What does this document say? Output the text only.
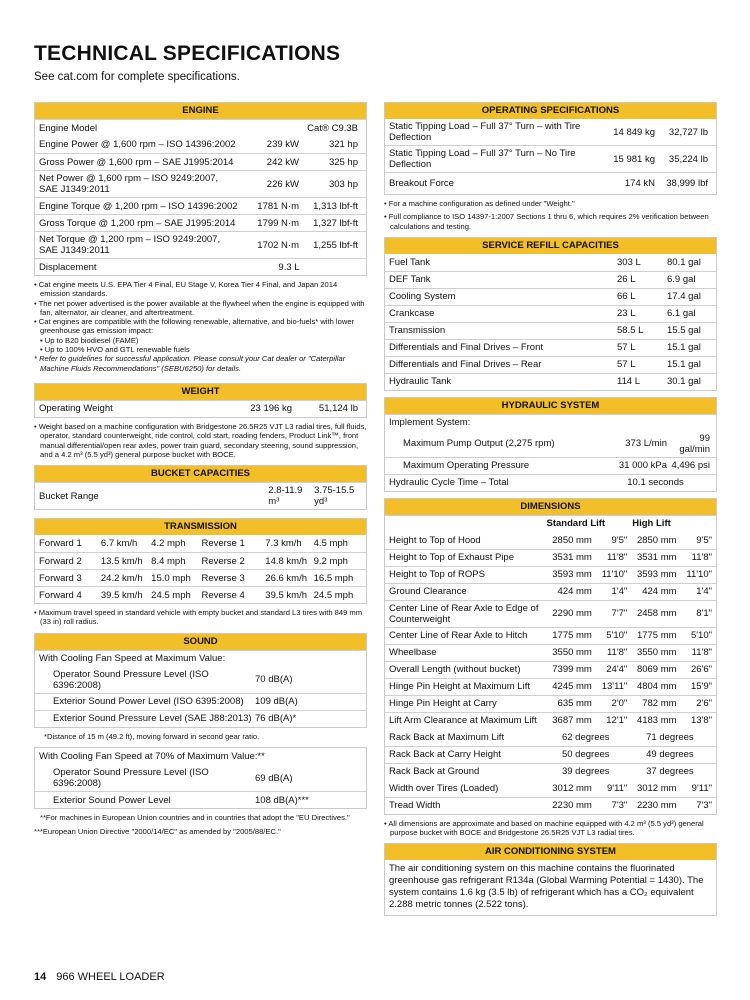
TECHNICAL SPECIFICATIONS
See cat.com for complete specifications.
ENGINE
Engine Model	Cat® C9.3B
Engine Power @ 1,600 rpm – ISO 14396:2002	239 kW	321 hp
Gross Power @ 1,600 rpm – SAE J1995:2014	242 kW	325 hp
Net Power @ 1,600 rpm – ISO 9249:2007, SAE J1349:2011	226 kW	303 hp
Engine Torque @ 1,200 rpm – ISO 14396:2002	1781 N·m	1,313 lbf-ft
Gross Torque @ 1,200 rpm – SAE J1995:2014	1799 N·m	1,327 lbf-ft
Net Torque @ 1,200 rpm – ISO 9249:2007, SAE J1349:2011	1702 N·m	1,255 lbf-ft
Displacement	9.3 L

• Cat engine meets U.S. EPA Tier 4 Final, EU Stage V, Korea Tier 4 Final, and Japan 2014 emission standards.

• The net power advertised is the power available at the flywheel when the engine is equipped with fan, alternator, air cleaner, and aftertreatment.

• Cat engines are compatible with the following renewable, alternative, and bio-fuels* with lower greenhouse gas emission impact:

• Up to B20 biodiesel (FAME)

• Up to 100% HVO and GTL renewable fuels

* Refer to guidelines for successful application. Please consult your Cat dealer or "Caterpillar Machine Fluids Recommendations" (SEBU6250) for details.

WEIGHT
Operating Weight	23 196 kg	51,124 lb

• Weight based on a machine configuration with Bridgestone 26.5R25 VJT L3 radial tires, full fluids, operator, standard counterweight, ride control, cold start, roading fenders, Product Link™, front manual differential/open rear axles, power train guard, secondary steering, sound suppression, and a 4.2 m³ (5.5 yd³) general purpose bucket with BOCE.

BUCKET CAPACITIES
Bucket Range	2.8-11.9 m³
3.75-15.5 yd³
TRANSMISSION
Forward 1	6.7 km/h	4.2 mph	Reverse 1	7.3 km/h	4.5 mph
Forward 2	13.5 km/h 8.4 mph	Reverse 2	14.8 km/h 9.2 mph
Forward 3	24.2 km/h 15.0 mph	Reverse 3	26.6 km/h 16.5 mph
Forward 4	39.5 km/h 24.5 mph	Reverse 4	39.5 km/h 24.5 mph

• Maximum travel speed in standard vehicle with empty bucket and standard L3 tires with 849 mm (33 in) roll radius.

SOUND
With Cooling Fan Speed at Maximum Value:
Operator Sound Pressure Level (ISO 6396:2008)	70 dB(A)
Exterior Sound Power Level (ISO 6395:2008)	109 dB(A)
Exterior Sound Pressure Level (SAE J88:2013) 76 dB(A)*

*Distance of 15 m (49.2 ft), moving forward in second gear ratio.

With Cooling Fan Speed at 70% of Maximum Value:**
Operator Sound Pressure Level (ISO 6396:2008)	69 dB(A)
Exterior Sound Power Level	108 dB(A)***

**For machines in European Union countries and in countries that adopt the "EU Directives."

***European Union Directive "2000/14/EC" as amended by "2005/88/EC."

OPERATING SPECIFICATIONS
Static Tipping Load – Full 37° Turn – with Tire Deflection	14 849 kg	32,727 lb
Static Tipping Load – Full 37° Turn – No Tire Deflection	15 981 kg	35,224 lb
Breakout Force	174 kN	38,999 lbf

• For a machine configuration as defined under "Weight."

• Full compliance to ISO 14397-1:2007 Sections 1 thru 6, which requires 2% verification between calculations and testing.

SERVICE REFILL CAPACITIES
Fuel Tank	303 L	80.1 gal
DEF Tank	26 L	6.9 gal
Cooling System	66 L	17.4 gal
Crankcase	23 L	6.1 gal
Transmission	58.5 L	15.5 gal
Differentials and Final Drives – Front	57 L	15.1 gal
Differentials and Final Drives – Rear	57 L	15.1 gal
Hydraulic Tank	114 L	30.1 gal
HYDRAULIC SYSTEM
Implement System:
Maximum Pump Output (2,275 rpm)	373 L/min	99 gal/min
Maximum Operating Pressure	31 000 kPa 4,496 psi
Hydraulic Cycle Time – Total	10.1 seconds
DIMENSIONS
Standard Lift	High Lift
Height to Top of Hood	2850 mm	9'5"	2850 mm	9'5"
Height to Top of Exhaust Pipe	3531 mm	11'8"	3531 mm	11'8"
Height to Top of ROPS	3593 mm	11'10"	3593 mm	11'10"
Ground Clearance	424 mm	1'4"	424 mm	1'4"
Center Line of Rear Axle to Edge of Counterweight	2290 mm	7'7"	2458 mm	8'1"
Center Line of Rear Axle to Hitch	1775 mm	5'10"	1775 mm	5'10"
Wheelbase	3550 mm	11'8"	3550 mm	11'8"
Overall Length (without bucket)	7399 mm	24'4"	8069 mm	26'6"
Hinge Pin Height at Maximum Lift	4245 mm	13'11"	4804 mm	15'9"
Hinge Pin Height at Carry	635 mm	2'0"	782 mm	2'6"
Lift Arm Clearance at Maximum Lift	3687 mm	12'1"	4183 mm	13'8"
Rack Back at Maximum Lift	62 degrees	71 degrees
Rack Back at Carry Height	50 degrees	49 degrees
Rack Back at Ground	39 degrees	37 degrees
Width over Tires (Loaded)	3012 mm	9'11"	3012 mm	9'11"
Tread Width	2230 mm	7'3"	2230 mm	7'3"

• All dimensions are approximate and based on machine equipped with 4.2 m³ (5.5 yd³) general purpose bucket with BOCE and Bridgestone 26.5R25 VJT L3 radial tires.

AIR CONDITIONING SYSTEM
The air conditioning system on this machine contains the fluorinated greenhouse gas refrigerant R134a (Global Warming Potential = 1430). The system contains 1.6 kg (3.5 lb) of refrigerant which has a CO₂ equivalent 2.288 metric tonnes (2.522 tons).
14 966 WHEEL LOADER
